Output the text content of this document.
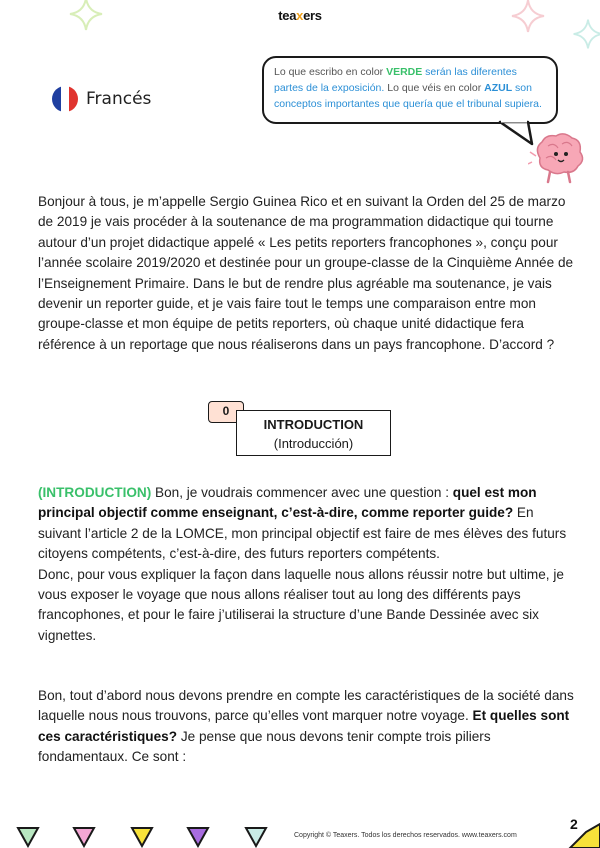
teaxers
Francés
Lo que escribo en color VERDE serán las diferentes partes de la exposición. Lo que véis en color AZUL son conceptos importantes que quería que el tribunal supiera.
Bonjour à tous, je m’appelle Sergio Guinea Rico et en suivant la Orden del 25 de marzo de 2019 je vais procéder à la soutenance de ma programmation didactique qui tourne autour d’un projet didactique appelé « Les petits reporters francophones », conçu pour l’année scolaire 2019/2020 et destinée pour un groupe-classe de la Cinquième Année de l’Enseignement Primaire. Dans le but de rendre plus agréable ma soutenance, je vais devenir un reporter guide, et je vais faire tout le temps une comparaison entre mon groupe-classe et mon équipe de petits reporters, où chaque unité didactique fera référence à un reportage que nous réaliserons dans un pays francophone. D’accord ?
0
INTRODUCTION
(Introducción)
(INTRODUCTION) Bon, je voudrais commencer avec une question : quel est mon principal objectif comme enseignant, c’est-à-dire, comme reporter guide? En suivant l’article 2 de la LOMCE, mon principal objectif est faire de mes élèves des futurs citoyens compétents, c’est-à-dire, des futurs reporters compétents.
Donc, pour vous expliquer la façon dans laquelle nous allons réussir notre but ultime, je vous exposer le voyage que nous allons réaliser tout au long des différents pays francophones, et pour le faire j’utiliserai la structure d’une Bande Dessinée avec six vignettes.
Bon, tout d’abord nous devons prendre en compte les caractéristiques de la société dans laquelle nous nous trouvons, parce qu’elles vont marquer notre voyage. Et quelles sont ces caractéristiques? Je pense que nous devons tenir compte trois piliers fondamentaux. Ce sont :
Copyright © Teaxers. Todos los derechos reservados. www.teaxers.com
2
